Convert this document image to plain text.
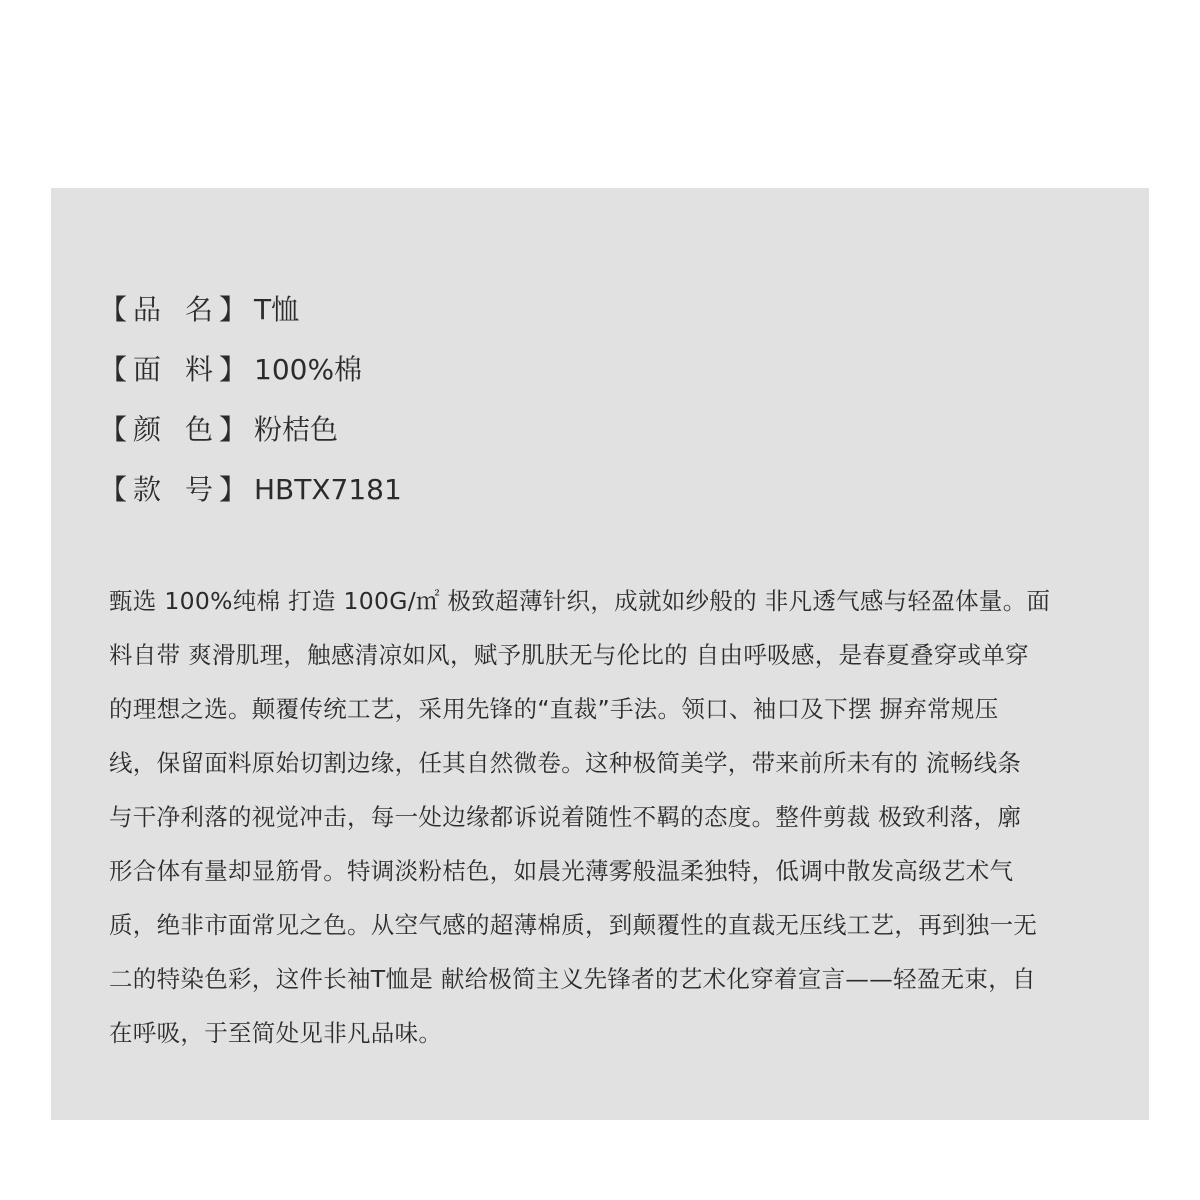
【 品 名 】 T恤
【 面 料 】 100%棉
【 颜 色 】 粉桔色
【 款 号 】 HBTX7181
甄选 100%纯棉 打造 100G/㎡ 极致超薄针织，成就如纱般的 非凡透气感与轻盈体量。面
料自带 爽滑肌理，触感清凉如风，赋予肌肤无与伦比的 自由呼吸感，是春夏叠穿或单穿
的理想之选。颠覆传统工艺，采用先锋的“直裁”手法。领口、袖口及下摆 摒弃常规压
线，保留面料原始切割边缘，任其自然微卷。这种极简美学，带来前所未有的 流畅线条
与干净利落的视觉冲击，每一处边缘都诉说着随性不羁的态度。整件剪裁 极致利落，廓
形合体有量却显筋骨。特调淡粉桔色，如晨光薄雾般温柔独特，低调中散发高级艺术气
质，绝非市面常见之色。从空气感的超薄棉质，到颠覆性的直裁无压线工艺，再到独一无
二的特染色彩，这件长袖T恤是 献给极简主义先锋者的艺术化穿着宣言——轻盈无束，自
在呼吸，于至简处见非凡品味。
